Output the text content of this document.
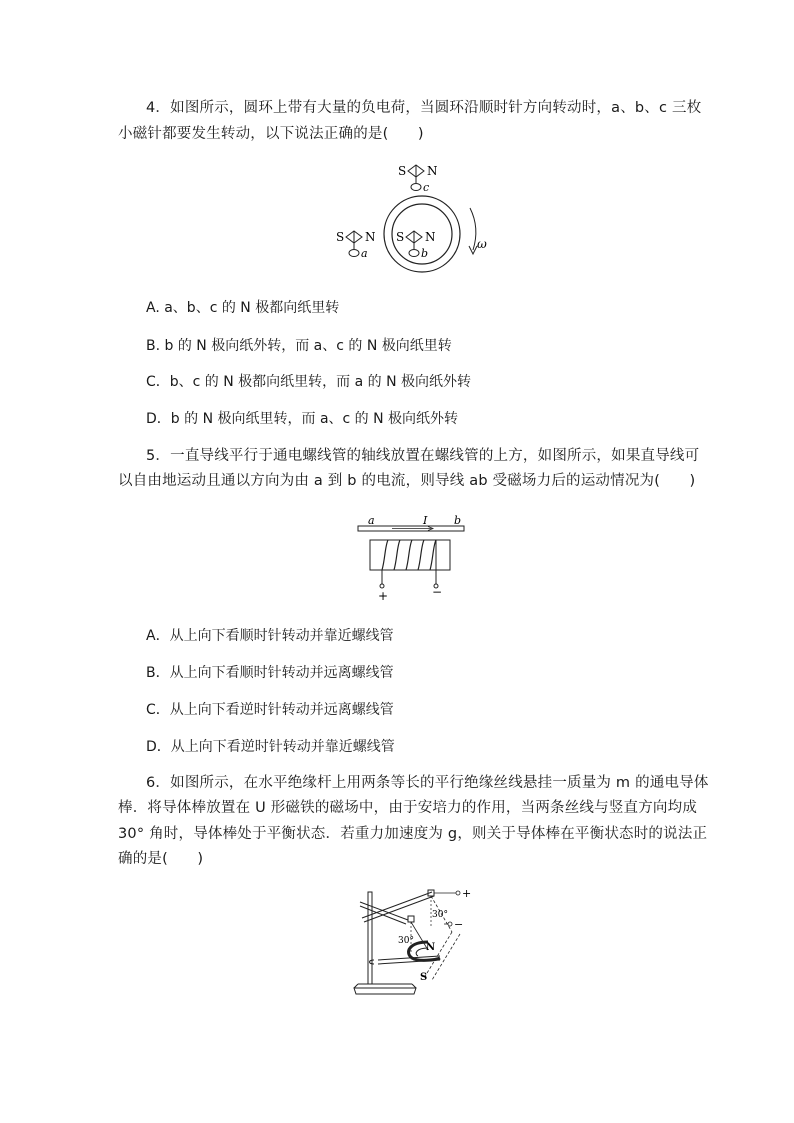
4．如图所示，圆环上带有大量的负电荷，当圆环沿顺时针方向转动时，a、b、c 三枚
小磁针都要发生转动，以下说法正确的是(　　)
S N
c
S N
a
S N
b
ω
A. a、b、c 的 N 极都向纸里转
B. b 的 N 极向纸外转，而 a、c 的 N 极向纸里转
C．b、c 的 N 极都向纸里转，而 a 的 N 极向纸外转
D．b 的 N 极向纸里转，而 a、c 的 N 极向纸外转
5．一直导线平行于通电螺线管的轴线放置在螺线管的上方，如图所示，如果直导线可
以自由地运动且通以方向为由 a 到 b 的电流，则导线 ab 受磁场力后的运动情况为(　　)
a	I b
+	−
A．从上向下看顺时针转动并靠近螺线管
B．从上向下看顺时针转动并远离螺线管
C．从上向下看逆时针转动并远离螺线管
D．从上向下看逆时针转动并靠近螺线管
6．如图所示，在水平绝缘杆上用两条等长的平行绝缘丝线悬挂一质量为 m 的通电导体
棒．将导体棒放置在 U 形磁铁的磁场中，由于安培力的作用，当两条丝线与竖直方向均成
30° 角时，导体棒处于平衡状态．若重力加速度为 g，则关于导体棒在平衡状态时的说法正
确的是(　　)
+
−
30°
30°
N
S
